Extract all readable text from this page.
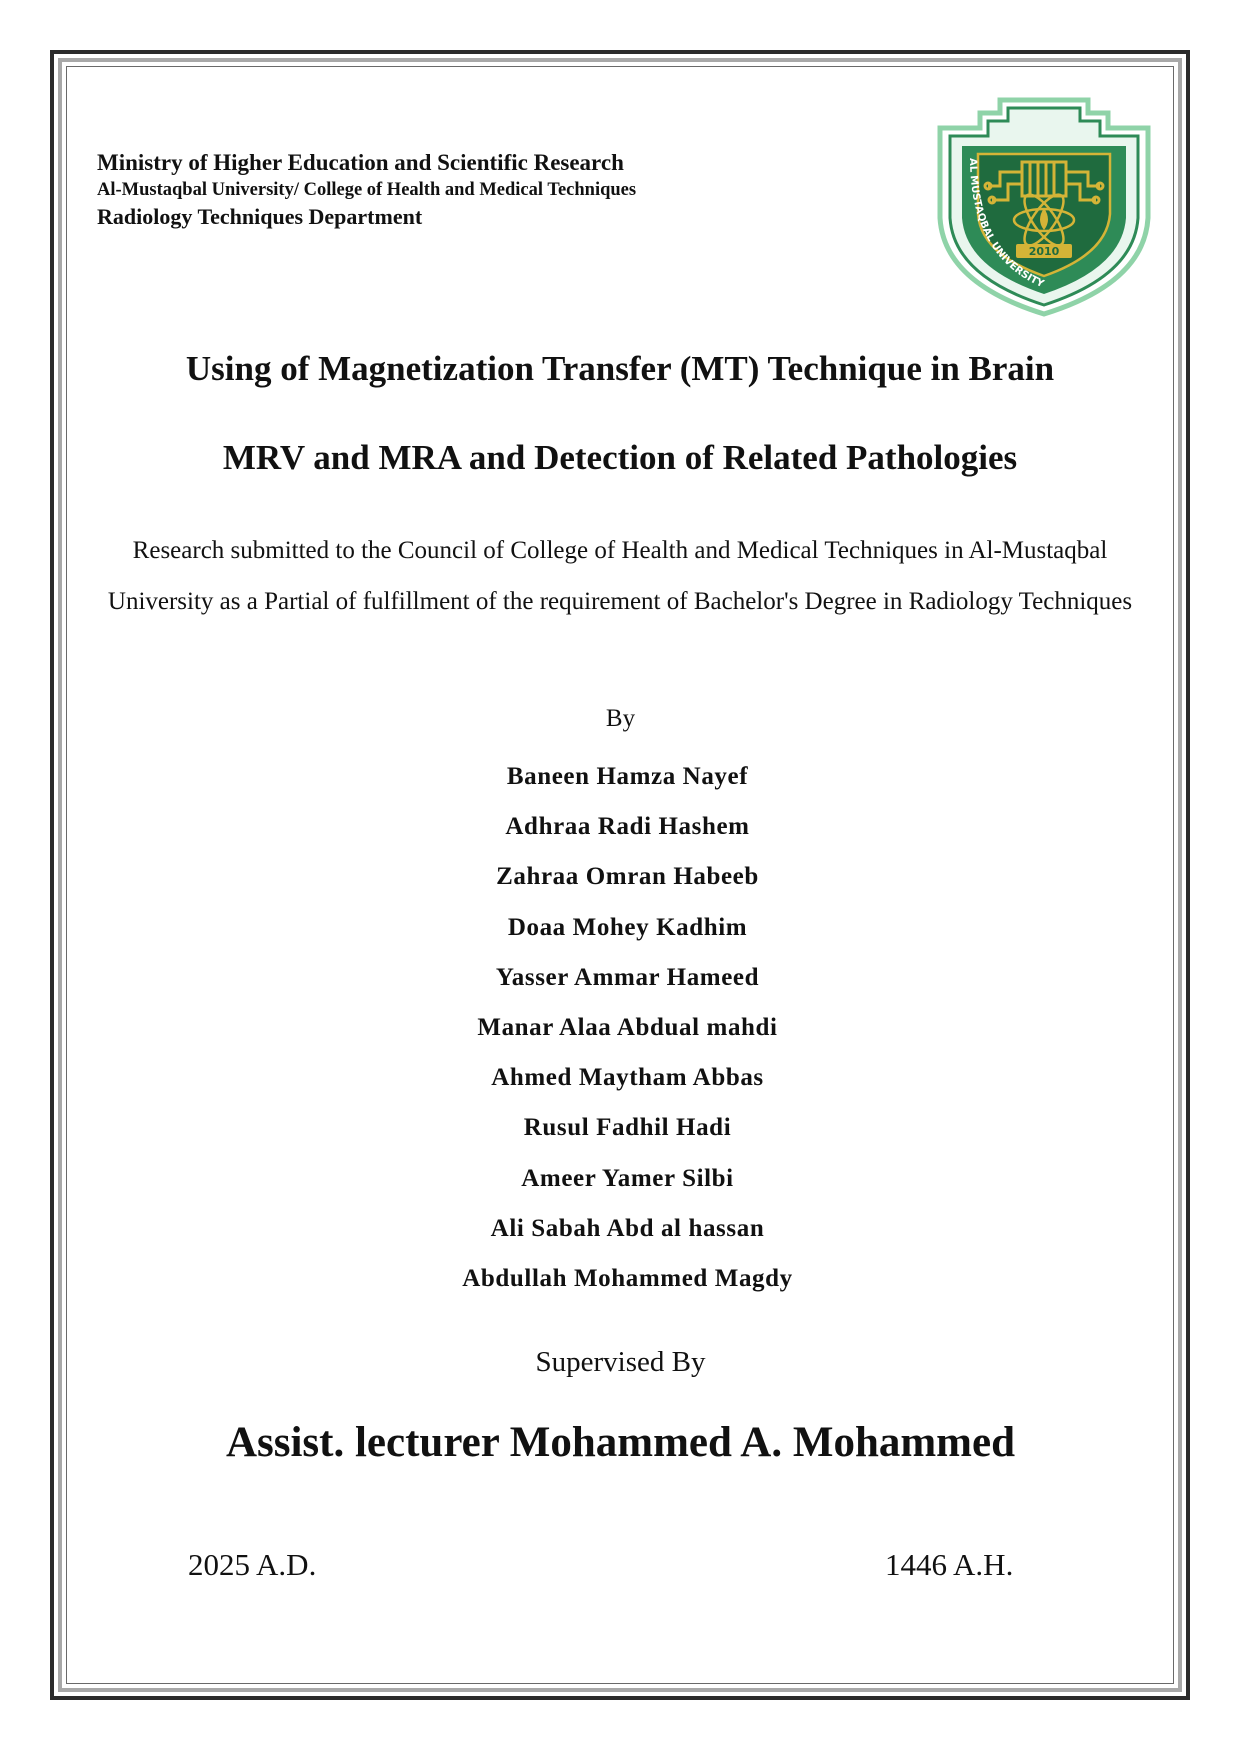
Ministry of Higher Education and Scientific Research
Al-Mustaqbal University/ College of Health and Medical Techniques
Radiology Techniques Department
2010
AL MUSTAQBAL UNIVERSITY
Using of Magnetization Transfer (MT) Technique in Brain
MRV and MRA and Detection of Related Pathologies
Research submitted to the Council of College of Health and Medical Techniques in Al-Mustaqbal University as a Partial of fulfillment of the requirement of Bachelor's Degree in Radiology Techniques
By
Baneen Hamza Nayef
Adhraa Radi Hashem
Zahraa Omran Habeeb
Doaa Mohey Kadhim
Yasser Ammar Hameed
Manar Alaa Abdual mahdi
Ahmed Maytham Abbas
Rusul Fadhil Hadi
Ameer Yamer Silbi
Ali Sabah Abd al hassan
Abdullah Mohammed Magdy
Supervised By
Assist. lecturer Mohammed A. Mohammed
2025 A.D.	1446 A.H.
